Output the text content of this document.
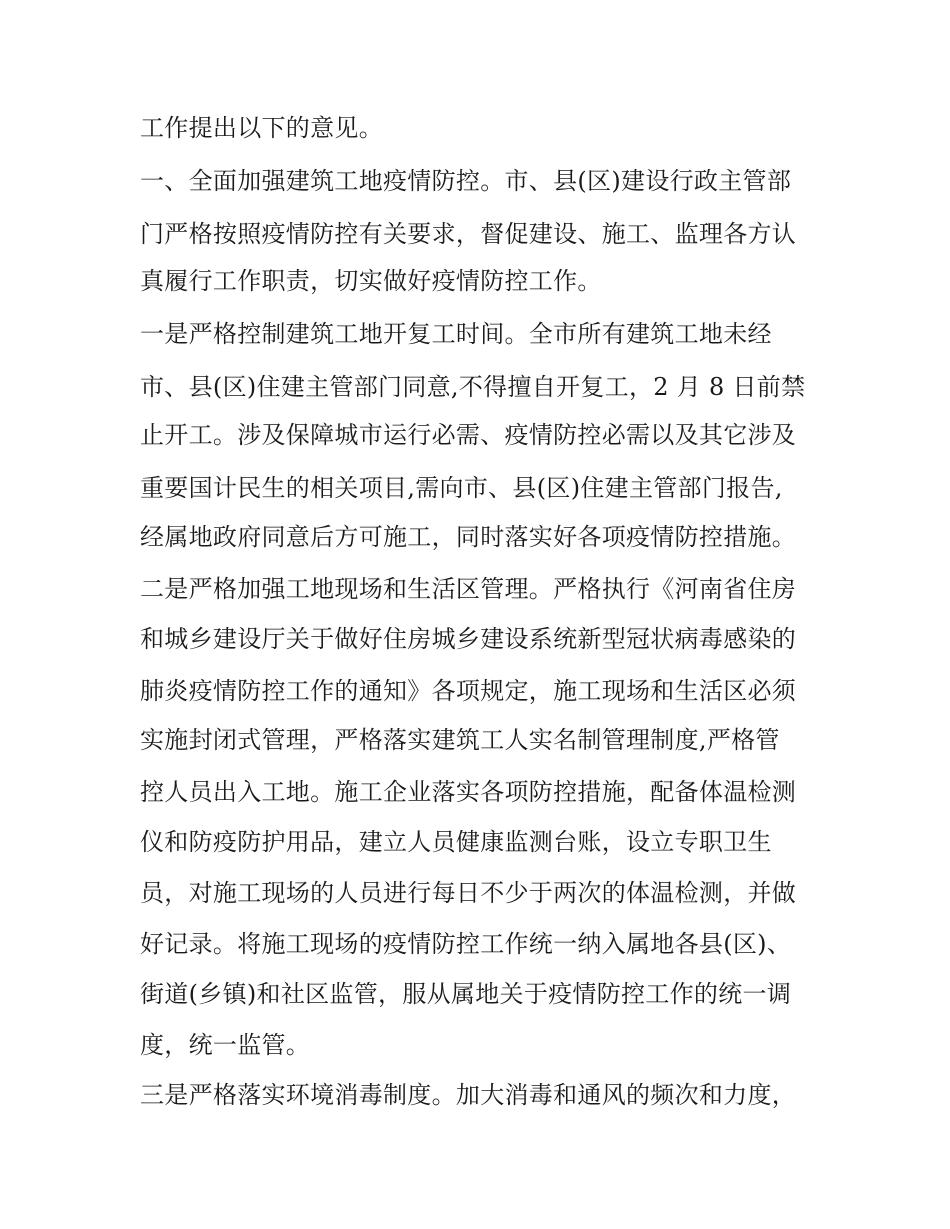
工作提出以下的意见。
一、全面加强建筑工地疫情防控。市、县(区)建设行政主管部
门严格按照疫情防控有关要求，督促建设、施工、监理各方认
真履行工作职责，切实做好疫情防控工作。
一是严格控制建筑工地开复工时间。全市所有建筑工地未经
市、县(区)住建主管部门同意,不得擅自开复工，2 月 8 日前禁
止开工。涉及保障城市运行必需、疫情防控必需以及其它涉及
重要国计民生的相关项目,需向市、县(区)住建主管部门报告,
经属地政府同意后方可施工，同时落实好各项疫情防控措施。
二是严格加强工地现场和生活区管理。严格执行《河南省住房
和城乡建设厅关于做好住房城乡建设系统新型冠状病毒感染的
肺炎疫情防控工作的通知》各项规定，施工现场和生活区必须
实施封闭式管理，严格落实建筑工人实名制管理制度,严格管
控人员出入工地。施工企业落实各项防控措施，配备体温检测
仪和防疫防护用品，建立人员健康监测台账，设立专职卫生
员，对施工现场的人员进行每日不少于两次的体温检测，并做
好记录。将施工现场的疫情防控工作统一纳入属地各县(区)、
街道(乡镇)和社区监管，服从属地关于疫情防控工作的统一调
度，统一监管。
三是严格落实环境消毒制度。加大消毒和通风的频次和力度，
